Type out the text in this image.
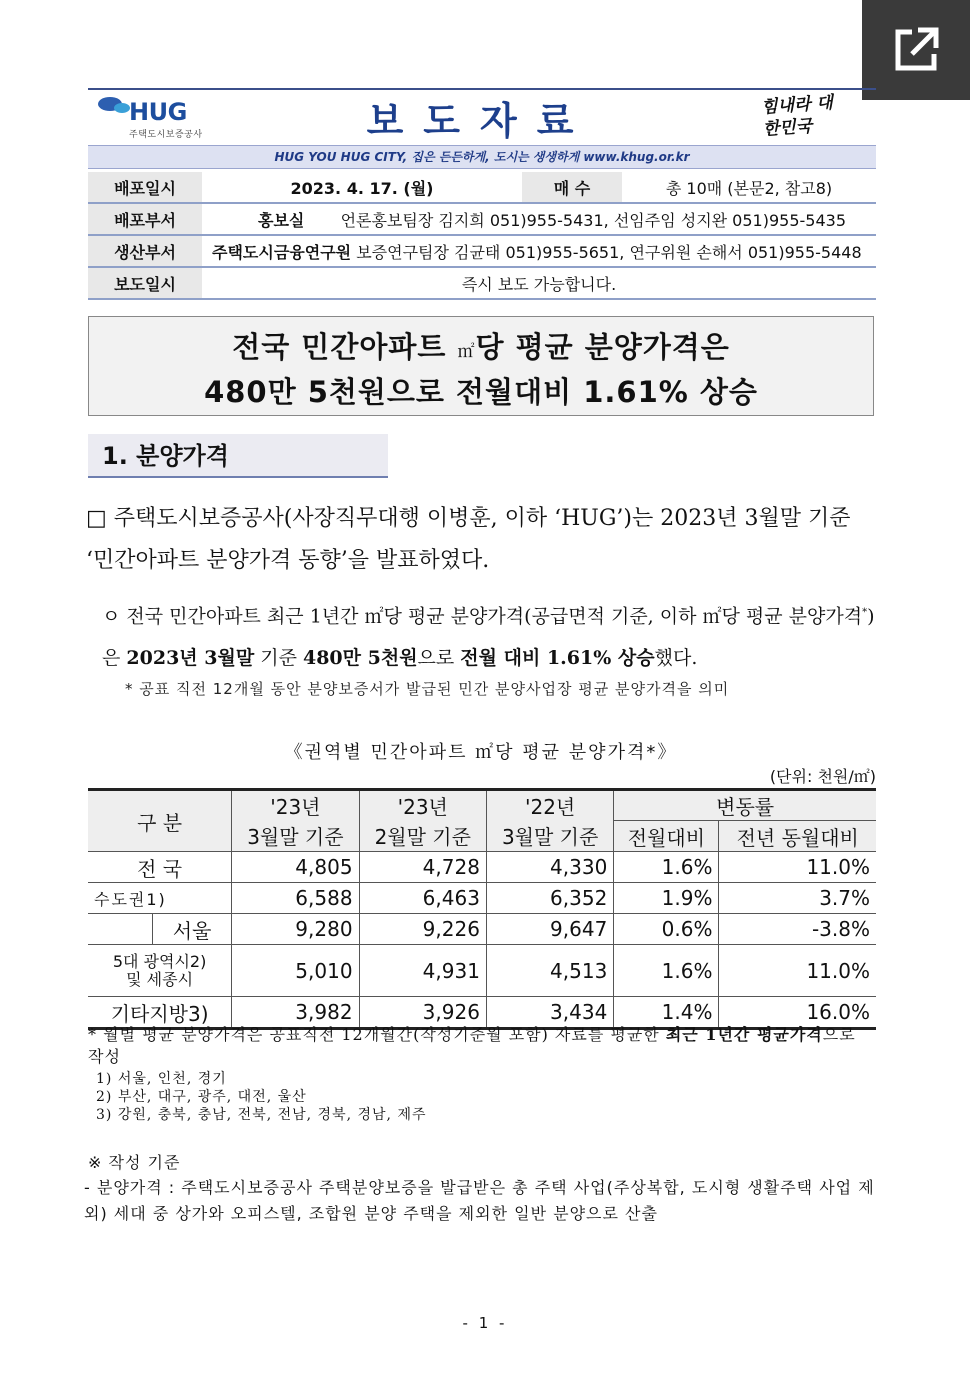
HUG
주택도시보증공사	보도자료	힘내라 대한민국
HUG YOU HUG CITY, 집은 든든하게, 도시는 생생하게 www.khug.or.kr
배포일시	2023. 4. 17. (월)	매 수	총 10매 (본문2, 참고8)
배포부서	홍보실 언론홍보팀장 김지희 051)955-5431, 선임주임 성지완 051)955-5435		
생산부서	주택도시금융연구원 보증연구팀장 김균태 051)955-5651, 연구위원 손해서 051)955-5448		
보도일시	즉시 보도 가능합니다.		
전국 민간아파트 ㎡당 평균 분양가격은
480만 5천원으로 전월대비 1.61% 상승
1. 분양가격
□ 주택도시보증공사(사장직무대행 이병훈, 이하 ‘HUG’)는 2023년 3월말 기준 ‘민간아파트 분양가격 동향’을 발표하였다.
ㅇ 전국 민간아파트 최근 1년간 ㎡당 평균 분양가격(공급면적 기준, 이하 ㎡당 평균 분양가격*)은 2023년 3월말 기준 480만 5천원으로 전월 대비 1.61% 상승했다.
* 공표 직전 12개월 동안 분양보증서가 발급된 민간 분양사업장 평균 분양가격을 의미
《권역별 민간아파트 ㎡당 평균 분양가격*》
(단위: 천원/㎡)
구 분		'23년	'23년	'22년	변동률	
		3월말 기준	2월말 기준	3월말 기준	전월대비	전년 동월대비
전 국		4,805	4,728	4,330	1.6%	11.0%
수도권1)		6,588	6,463	6,352	1.9%	3.7%
	서울	9,280	9,226	9,647	0.6%	-3.8%

5대 광역시2)
및 세종시		5,010	4,931	4,513	1.6%	11.0%
기타지방3)		3,982	3,926	3,434	1.4%	16.0%
* 월별 평균 분양가격은 공표직전 12개월간(작성기준월 포함) 자료를 평균한 최근 1년간 평균가격으로 작성
1) 서울, 인천, 경기
2) 부산, 대구, 광주, 대전, 울산
3) 강원, 충북, 충남, 전북, 전남, 경북, 경남, 제주
※ 작성 기준
- 분양가격 : 주택도시보증공사 주택분양보증을 발급받은 총 주택 사업(주상복합, 도시형 생활주택 사업 제외) 세대 중 상가와 오피스텔, 조합원 분양 주택을 제외한 일반 분양으로 산출
- 1 -
